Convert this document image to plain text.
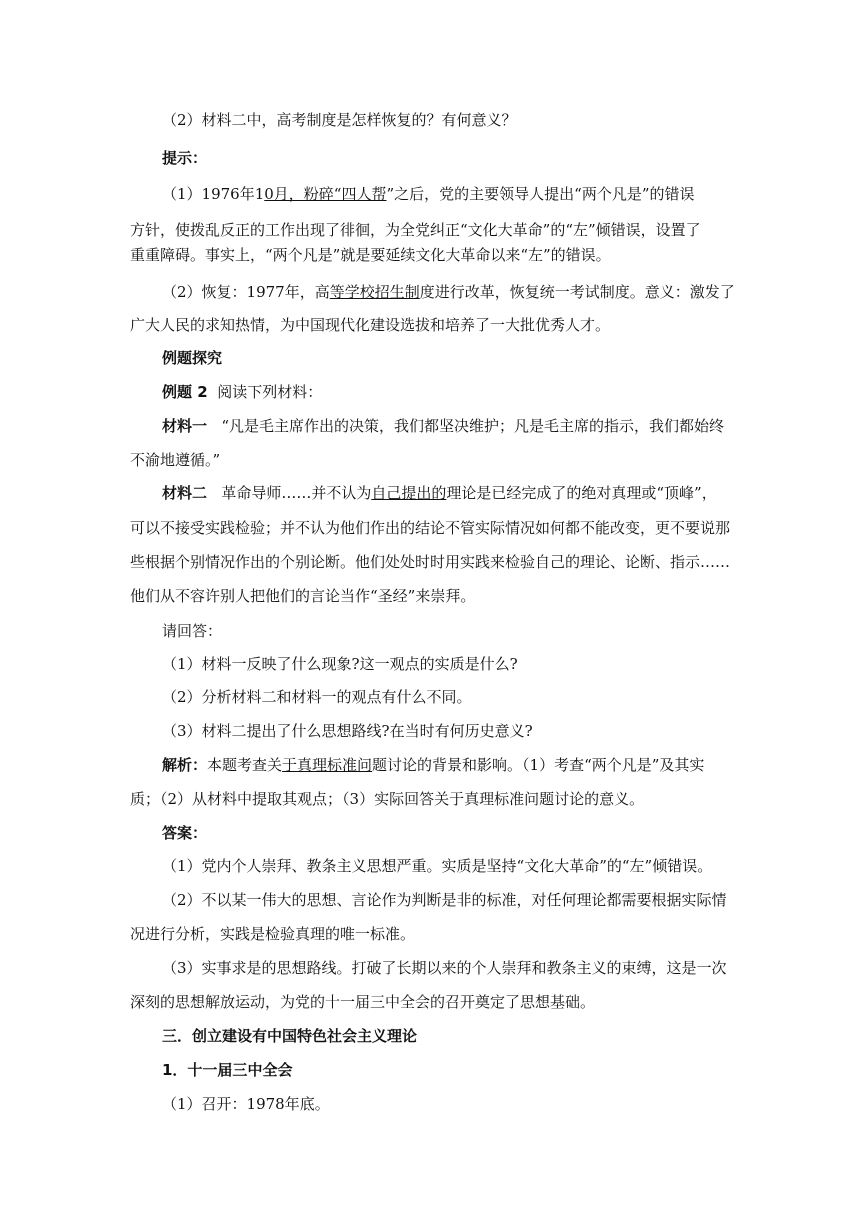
（2）材料二中，高考制度是怎样恢复的？有何意义？
提示：
（1）1976年10月，粉碎“四人帮”之后，党的主要领导人提出“两个凡是”的错误
方针，使拨乱反正的工作出现了徘徊，为全党纠正“文化大革命”的“左”倾错误，设置了
重重障碍。事实上，“两个凡是”就是要延续文化大革命以来“左”的错误。
（2）恢复：1977年，高等学校招生制度进行改革，恢复统一考试制度。意义：激发了
广大人民的求知热情，为中国现代化建设选拔和培养了一大批优秀人才。
例题探究
例题 2 阅读下列材料：
材料一 “凡是毛主席作出的决策，我们都坚决维护；凡是毛主席的指示，我们都始终
不渝地遵循。”
材料二 革命导师……并不认为自己提出的理论是已经完成了的绝对真理或“顶峰”，
可以不接受实践检验；并不认为他们作出的结论不管实际情况如何都不能改变，更不要说那
些根据个别情况作出的个别论断。他们处处时时用实践来检验自己的理论、论断、指示……
他们从不容许别人把他们的言论当作“圣经”来崇拜。
请回答：
（1）材料一反映了什么现象?这一观点的实质是什么?
（2）分析材料二和材料一的观点有什么不同。
（3）材料二提出了什么思想路线?在当时有何历史意义?
解析：本题考查关于真理标准问题讨论的背景和影响。（1）考查“两个凡是”及其实
质；（2）从材料中提取其观点；（3）实际回答关于真理标准问题讨论的意义。
答案：
（1）党内个人崇拜、教条主义思想严重。实质是坚持“文化大革命”的“左”倾错误。
（2）不以某一伟大的思想、言论作为判断是非的标准，对任何理论都需要根据实际情
况进行分析，实践是检验真理的唯一标准。
（3）实事求是的思想路线。打破了长期以来的个人崇拜和教条主义的束缚，这是一次
深刻的思想解放运动，为党的十一届三中全会的召开奠定了思想基础。
三．创立建设有中国特色社会主义理论
1．十一届三中全会
（1）召开：1978年底。
